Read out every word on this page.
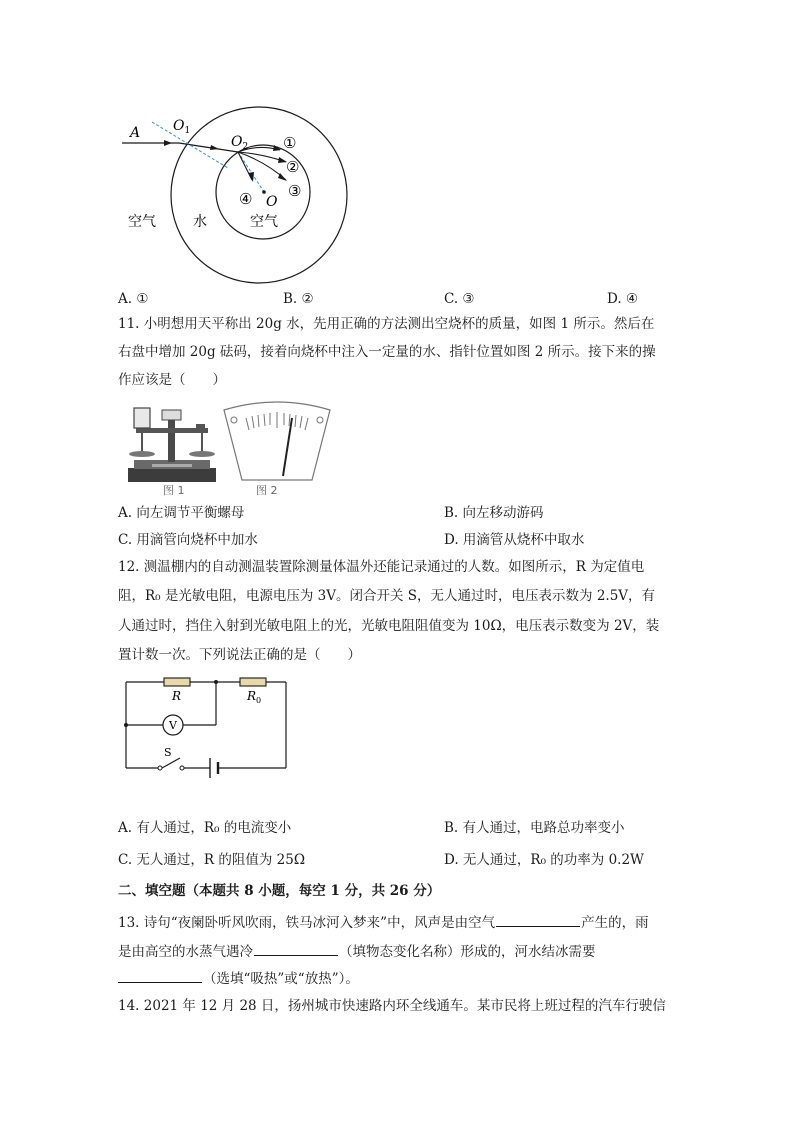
A $O_1$
$O_2$
O
①
②
③
④
空气	水	空气
A. ①	B. ②	C. ③	D. ④
11. 小明想用天平称出 20g 水，先用正确的方法测出空烧杯的质量，如图 1 所示。然后在
右盘中增加 20g 砝码，接着向烧杯中注入一定量的水、指针位置如图 2 所示。接下来的操
作应该是（　　）
图 1	图 2
A. 向左调节平衡螺母	B. 向左移动游码
C. 用滴管向烧杯中加水	D. 用滴管从烧杯中取水
12. 测温棚内的自动测温装置除测量体温外还能记录通过的人数。如图所示，R 为定值电
阻，R₀ 是光敏电阻，电源电压为 3V。闭合开关 S，无人通过时，电压表示数为 2.5V，有
人通过时，挡住入射到光敏电阻上的光，光敏电阻阻值变为 10Ω，电压表示数变为 2V，装
置计数一次。下列说法正确的是（　　）
R	$R_0$
V
S
A. 有人通过，R₀ 的电流变小	B. 有人通过，电路总功率变小
C. 无人通过，R 的阻值为 25Ω	D. 无人通过，R₀ 的功率为 0.2W
二、填空题（本题共 8 小题，每空 1 分，共 26 分）
13. 诗句“夜阑卧听风吹雨，铁马冰河入梦来”中，风声是由空气	产生的，雨
是由高空的水蒸气遇冷	（填物态变化名称）形成的，河水结冰需要
（选填“吸热”或“放热”）。
14. 2021 年 12 月 28 日，扬州城市快速路内环全线通车。某市民将上班过程的汽车行驶信
